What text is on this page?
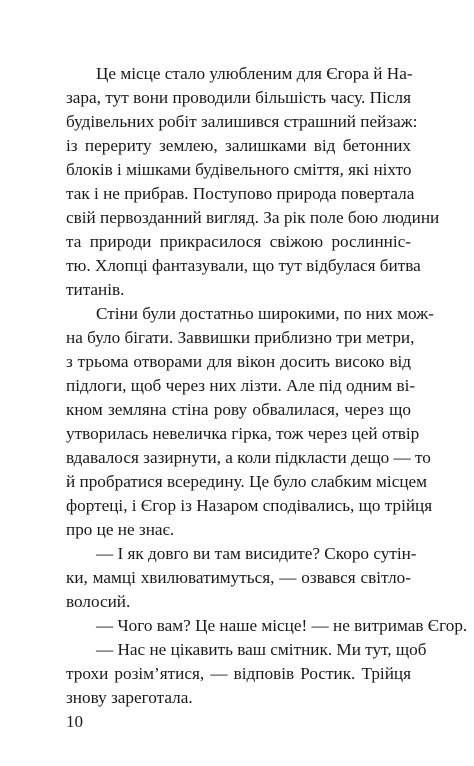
Це місце стало улюбленим для Єгора й На-
зара, тут вони проводили більшість часу. Після
будівельних робіт залишився страшний пейзаж:
із перериту землею, залишками від бетонних
блоків і мішками будівельного сміття, які ніхто
так і не прибрав. Поступово природа повертала
свій первозданний вигляд. За рік поле бою людини
та природи прикрасилося свіжою рослинніс-
тю. Хлопці фантазували, що тут відбулася битва
титанів.
Стіни були достатньо широкими, по них мож-
на було бігати. Заввишки приблизно три метри,
з трьома отворами для вікон досить високо від
підлоги, щоб через них лізти. Але під одним ві-
кном земляна стіна рову обвалилася, через що
утворилась невеличка гірка, тож через цей отвір
вдавалося зазирнути, а коли підкласти дещо — то
й пробратися всередину. Це було слабким місцем
фортеці, і Єгор із Назаром сподівались, що трійця
про це не знає.
— І як довго ви там висидите? Скоро сутін-
ки, мамці хвилюватимуться, — озвався світло-
волосий.
— Чого вам? Це наше місце! — не витримав Єгор.
— Нас не цікавить ваш смітник. Ми тут, щоб
трохи розім’ятися, — відповів Ростик. Трійця
знову зареготала.
10
